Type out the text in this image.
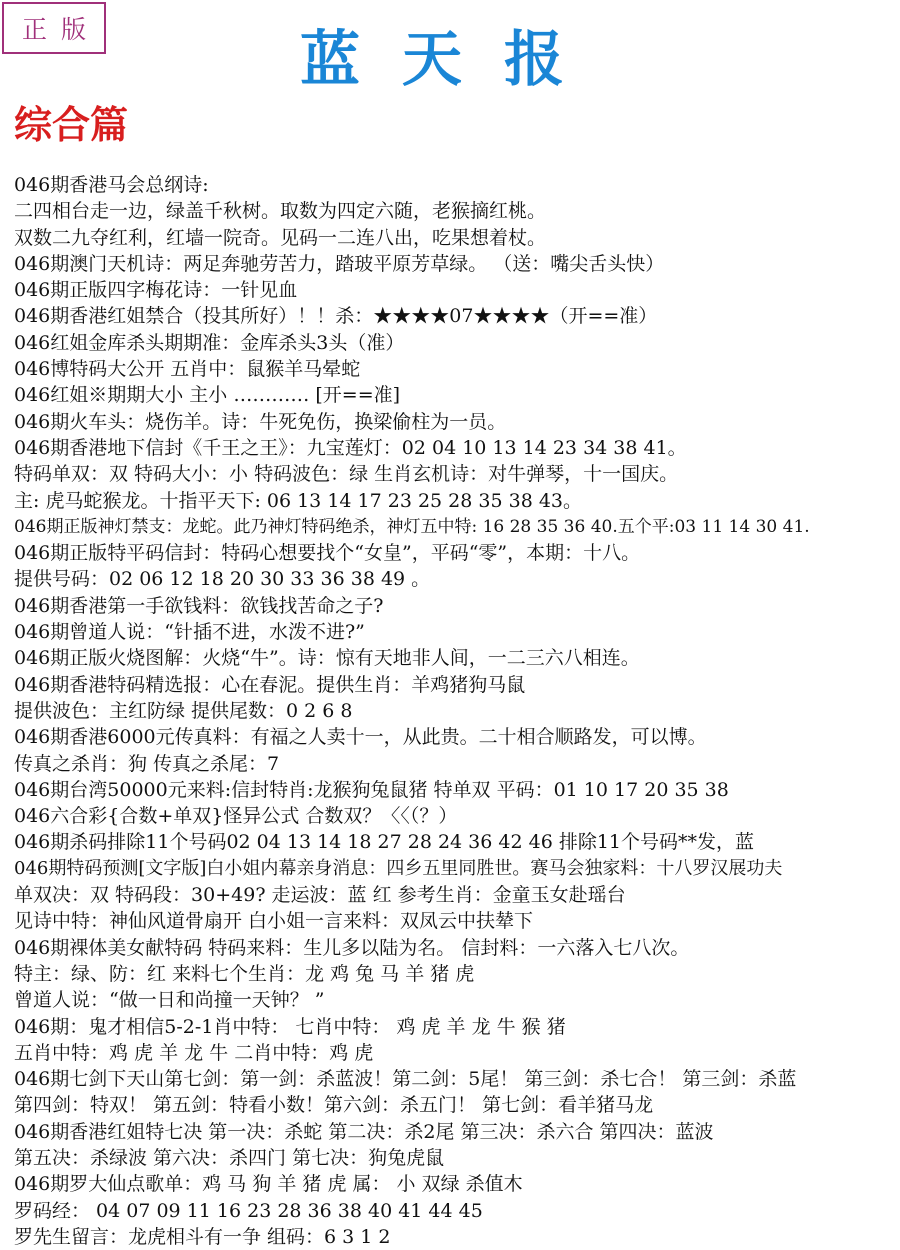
正版	蓝天报
综合篇
046期香港马会总纲诗:
二四相台走一边，绿盖千秋树。取数为四定六随，老猴摘红桃。
双数二九夺红利，红墙一院奇。见码一二连八出，吃果想着杖。
046期澳门天机诗：两足奔驰劳苦力，踏玻平原芳草绿。 （送：嘴尖舌头快）
046期正版四字梅花诗：一针见血
046期香港红姐禁合（投其所好）！！杀：★★★★07★★★★（开==准）
046红姐金库杀头期期准：金库杀头3头（准）
046博特码大公开 五肖中：鼠猴羊马晕蛇
046红姐※期期大小 主小 ………… [开==准]
046期火车头：烧伤羊。诗：牛死免伤，换梁偷柱为一员。
046期香港地下信封《千王之王》：九宝莲灯：02 04 10 13 14 23 34 38 41。
特码单双：双 特码大小：小 特码波色：绿 生肖玄机诗：对牛弹琴，十一国庆。
主: 虎马蛇猴龙。十指平天下: 06 13 14 17 23 25 28 35 38 43。
046期正版神灯禁支：龙蛇。此乃神灯特码绝杀，神灯五中特: 16 28 35 36 40.五个平:03 11 14 30 41.
046期正版特平码信封：特码心想要找个“女皇”，平码“零”，本期：十八。
提供号码：02 06 12 18 20 30 33 36 38 49 。
046期香港第一手欲钱料：欲钱找苦命之子?
046期曾道人说：“针插不进，水泼不进?”
046期正版火烧图解：火烧“牛”。诗：惊有天地非人间，一二三六八相连。
046期香港特码精选报：心在春泥。提供生肖：羊鸡猪狗马鼠
提供波色：主红防绿 提供尾数：0 2 6 8
046期香港6000元传真料：有福之人卖十一，从此贵。二十相合顺路发，可以博。
传真之杀肖：狗 传真之杀尾：7
046期台湾50000元来料:信封特肖:龙猴狗兔鼠猪 特单双 平码：01 10 17 20 35 38
046六合彩{合数+单双}怪异公式 合数双？〈〈（？）
046期杀码排除11个号码02 04 13 14 18 27 28 24 36 42 46 排除11个号码**发，蓝
046期特码预测[文字版]白小姐内幕亲身消息：四乡五里同胜世。赛马会独家料：十八罗汉展功夫
单双决：双 特码段：30+49? 走运波：蓝 红 参考生肖：金童玉女赴瑶台
见诗中特：神仙风道骨扇开 白小姐一言来料：双凤云中扶辇下
046期裸体美女献特码 特码来料：生儿多以陆为名。 信封料：一六落入七八次。
特主：绿、防：红 来料七个生肖：龙 鸡 兔 马 羊 猪 虎
曾道人说：“做一日和尚撞一天钟？ ”
046期：鬼才相信5-2-1肖中特： 七肖中特： 鸡 虎 羊 龙 牛 猴 猪
五肖中特：鸡 虎 羊 龙 牛 二肖中特：鸡 虎
046期七剑下天山第七剑：第一剑：杀蓝波！第二剑：5尾！ 第三剑：杀七合！ 第三剑：杀蓝
第四剑：特双！ 第五剑：特看小数！第六剑：杀五门！ 第七剑：看羊猪马龙
046期香港红姐特七决 第一决：杀蛇 第二决：杀2尾 第三决：杀六合 第四决：蓝波
第五决：杀绿波 第六决：杀四门 第七决：狗兔虎鼠
046期罗大仙点歌单：鸡 马 狗 羊 猪 虎 属： 小 双绿 杀值木
罗码经： 04 07 09 11 16 23 28 36 38 40 41 44 45
罗先生留言：龙虎相斗有一争 组码：6 3 1 2
